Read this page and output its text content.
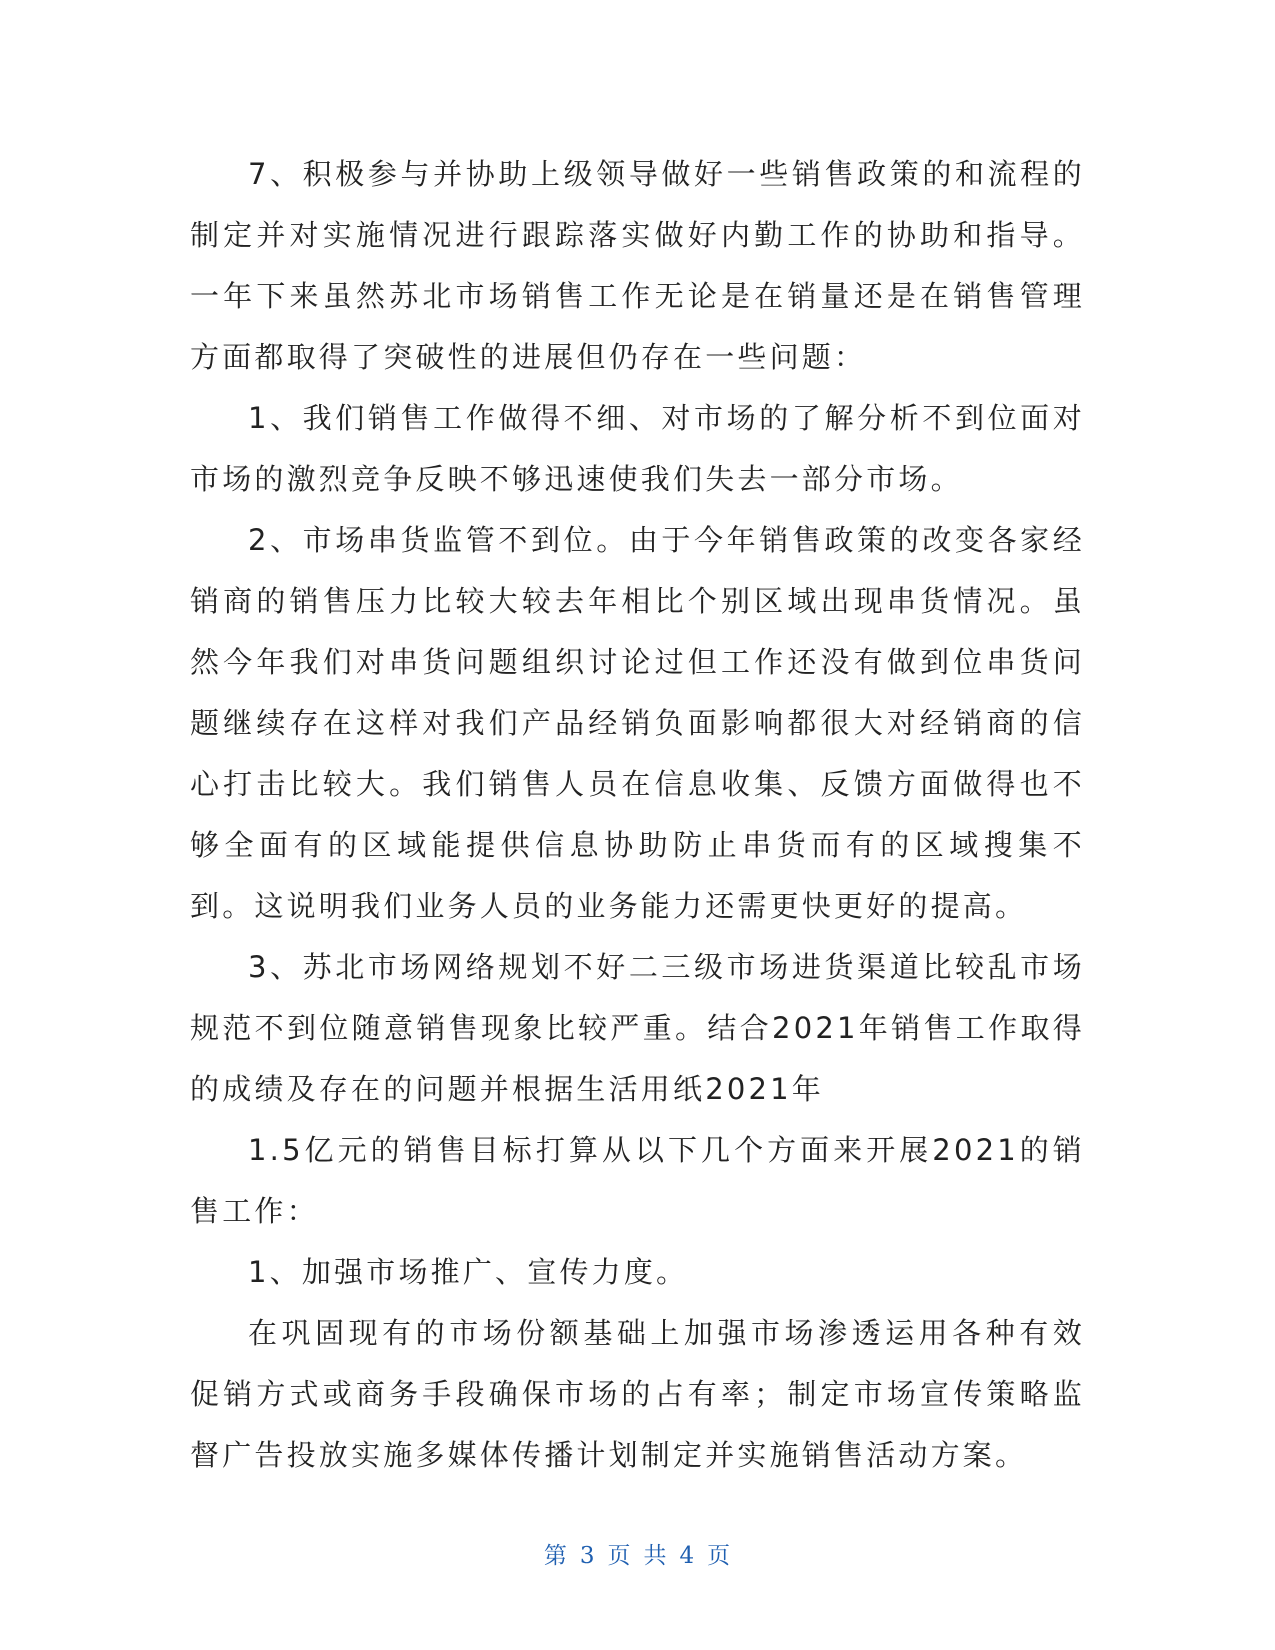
7、积极参与并协助上级领导做好一些销售政策的和流程的制定并对实施情况进行跟踪落实做好内勤工作的协助和指导。一年下来虽然苏北市场销售工作无论是在销量还是在销售管理方面都取得了突破性的进展但仍存在一些问题：

1、我们销售工作做得不细、对市场的了解分析不到位面对市场的激烈竞争反映不够迅速使我们失去一部分市场。

2、市场串货监管不到位。由于今年销售政策的改变各家经销商的销售压力比较大较去年相比个别区域出现串货情况。虽然今年我们对串货问题组织讨论过但工作还没有做到位串货问题继续存在这样对我们产品经销负面影响都很大对经销商的信心打击比较大。我们销售人员在信息收集、反馈方面做得也不够全面有的区域能提供信息协助防止串货而有的区域搜集不到。这说明我们业务人员的业务能力还需更快更好的提高。

3、苏北市场网络规划不好二三级市场进货渠道比较乱市场规范不到位随意销售现象比较严重。结合2021年销售工作取得的成绩及存在的问题并根据生活用纸2021年

1.5亿元的销售目标打算从以下几个方面来开展2021的销售工作：

1、加强市场推广、宣传力度。

在巩固现有的市场份额基础上加强市场渗透运用各种有效促销方式或商务手段确保市场的占有率；制定市场宣传策略监督广告投放实施多媒体传播计划制定并实施销售活动方案。

第 3 页 共 4 页
